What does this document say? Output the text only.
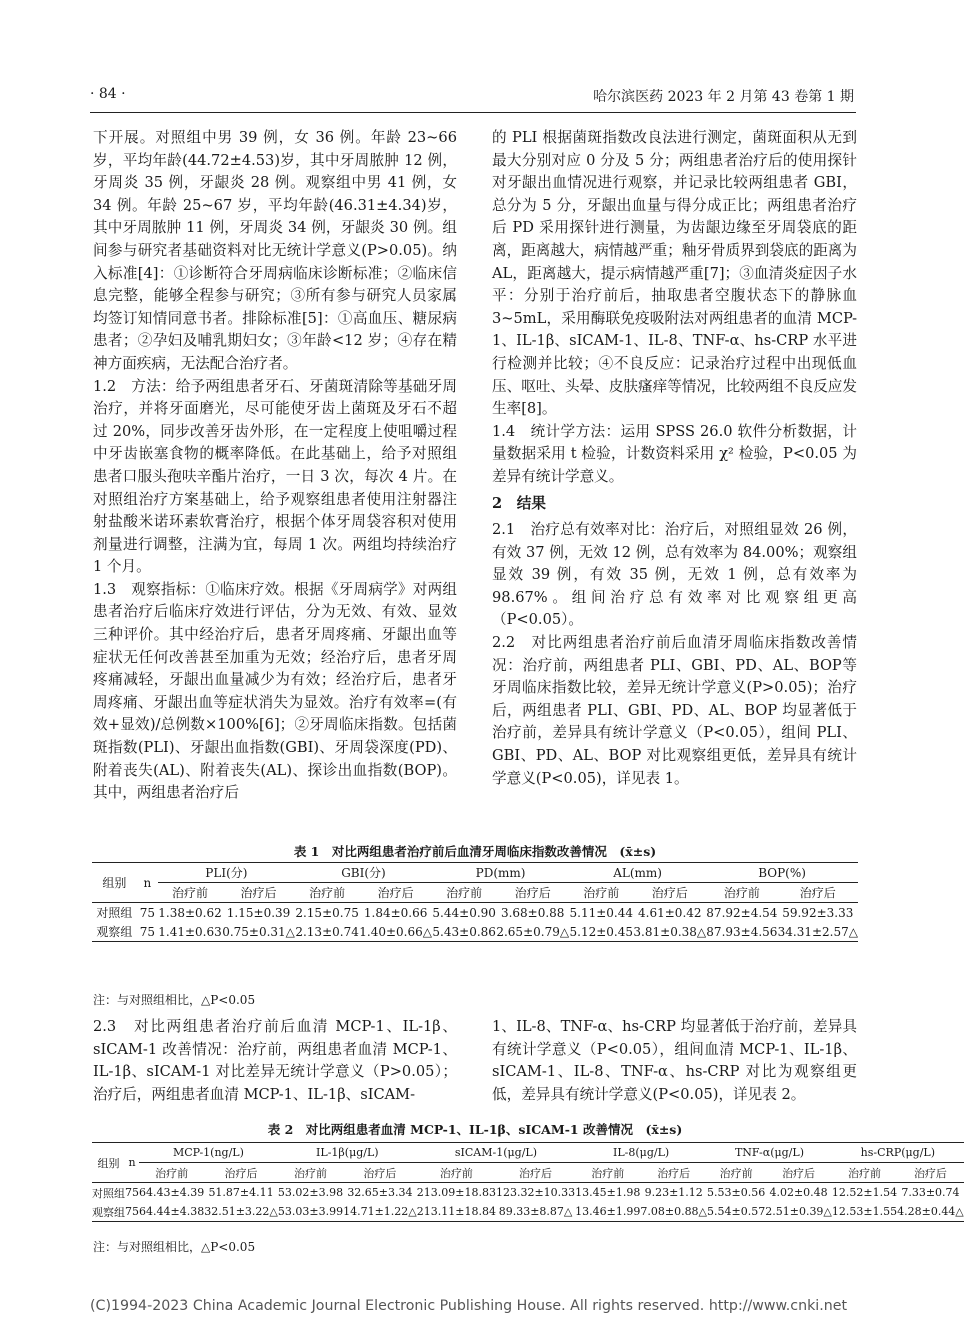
· 84 ·	哈尔滨医药 2023 年 2 月第 43 卷第 1 期

下开展。对照组中男 39 例，女 36 例。年龄 23~66 岁，平均年龄(44.72±4.53)岁，其中牙周脓肿 12 例，牙周炎 35 例，牙龈炎 28 例。观察组中男 41 例，女 34 例。年龄 25~67 岁，平均年龄(46.31±4.34)岁，其中牙周脓肿 11 例，牙周炎 34 例，牙龈炎 30 例。组间参与研究者基础资料对比无统计学意义(P>0.05)。纳入标准[4]：①诊断符合牙周病临床诊断标准；②临床信息完整，能够全程参与研究；③所有参与研究人员家属均签订知情同意书者。排除标准[5]：①高血压、糖尿病患者；②孕妇及哺乳期妇女；③年龄<12 岁；④存在精神方面疾病，无法配合治疗者。

1.2　方法：给予两组患者牙石、牙菌斑清除等基础牙周治疗，并将牙面磨光，尽可能使牙齿上菌斑及牙石不超过 20%，同步改善牙齿外形，在一定程度上使咀嚼过程中牙齿嵌塞食物的概率降低。在此基础上，给予对照组患者口服头孢呋辛酯片治疗，一日 3 次，每次 4 片。在对照组治疗方案基础上，给予观察组患者使用注射器注射盐酸米诺环素软膏治疗，根据个体牙周袋容积对使用剂量进行调整，注满为宜，每周 1 次。两组均持续治疗 1 个月。

1.3　观察指标：①临床疗效。根据《牙周病学》对两组患者治疗后临床疗效进行评估，分为无效、有效、显效三种评价。其中经治疗后，患者牙周疼痛、牙龈出血等症状无任何改善甚至加重为无效；经治疗后，患者牙周疼痛减轻，牙龈出血量减少为有效；经治疗后，患者牙周疼痛、牙龈出血等症状消失为显效。治疗有效率=(有效+显效)/总例数×100%[6]；②牙周临床指数。包括菌斑指数(PLI)、牙龈出血指数(GBI)、牙周袋深度(PD)、附着丧失(AL)、附着丧失(AL)、探诊出血指数(BOP)。其中，两组患者治疗后

的 PLI 根据菌斑指数改良法进行测定，菌斑面积从无到最大分别对应 0 分及 5 分；两组患者治疗后的使用探针对牙龈出血情况进行观察，并记录比较两组患者 GBI，总分为 5 分，牙龈出血量与得分成正比；两组患者治疗后 PD 采用探针进行测量，为齿龈边缘至牙周袋底的距离，距离越大，病情越严重；釉牙骨质界到袋底的距离为 AL，距离越大，提示病情越严重[7]；③血清炎症因子水平：分别于治疗前后，抽取患者空腹状态下的静脉血 3~5mL，采用酶联免疫吸附法对两组患者的血清 MCP-1、IL-1β、sICAM-1、IL-8、TNF-α、hs-CRP 水平进行检测并比较；④不良反应：记录治疗过程中出现低血压、呕吐、头晕、皮肤瘙痒等情况，比较两组不良反应发生率[8]。

1.4　统计学方法：运用 SPSS 26.0 软件分析数据，计量数据采用 t 检验，计数资料采用 χ² 检验，P<0.05 为差异有统计学意义。

2　结果

2.1　治疗总有效率对比：治疗后，对照组显效 26 例，有效 37 例，无效 12 例，总有效率为 84.00%；观察组显效 39 例，有效 35 例，无效 1 例，总有效率为 98.67%。组间治疗总有效率对比观察组更高（P<0.05）。

2.2　对比两组患者治疗前后血清牙周临床指数改善情况：治疗前，两组患者 PLI、GBI、PD、AL、BOP等牙周临床指数比较，差异无统计学意义(P>0.05)；治疗后，两组患者 PLI、GBI、PD、AL、BOP 均显著低于治疗前，差异具有统计学意义（P<0.05），组间 PLI、GBI、PD、AL、BOP 对比观察组更低，差异具有统计学意义(P<0.05)，详见表 1。

表 1　对比两组患者治疗前后血清牙周临床指数改善情况　(x̄±s)
组别	n	PLI(分)		GBI(分)		PD(mm)		AL(mm)		BOP(%)	
		治疗前	治疗后	治疗前	治疗后	治疗前	治疗后	治疗前	治疗后	治疗前	治疗后
对照组	75	1.38±0.62	1.15±0.39	2.15±0.75	1.84±0.66	5.44±0.90	3.68±0.88	5.11±0.44	4.61±0.42	87.92±4.54	59.92±3.33
观察组	75	1.41±0.63	0.75±0.31△	2.13±0.74	1.40±0.66△	5.43±0.86	2.65±0.79△	5.12±0.45	3.81±0.38△	87.93±4.56	34.31±2.57△
注：与对照组相比，△P<0.05

2.3　对比两组患者治疗前后血清 MCP-1、IL-1β、sICAM-1 改善情况：治疗前，两组患者血清 MCP-1、IL-1β、sICAM-1 对比差异无统计学意义（P>0.05）；治疗后，两组患者血清 MCP-1、IL-1β、sICAM-

1、IL-8、TNF-α、hs-CRP 均显著低于治疗前，差异具有统计学意义（P<0.05），组间血清 MCP-1、IL-1β、sICAM-1、IL-8、TNF-α、hs-CRP 对比为观察组更低，差异具有统计学意义(P<0.05)，详见表 2。

表 2　对比两组患者血清 MCP-1、IL-1β、sICAM-1 改善情况　(x̄±s)
组别	n	MCP-1(ng/L)		IL-1β(μg/L)		sICAM-1(μg/L)		IL-8(μg/L)		TNF-α(μg/L)		hs-CRP(μg/L)	
		治疗前	治疗后	治疗前	治疗后	治疗前	治疗后	治疗前	治疗后	治疗前	治疗后	治疗前	治疗后
对照组	75	64.43±4.39	51.87±4.11	53.02±3.98	32.65±3.34	213.09±18.83	123.32±10.33	13.45±1.98	9.23±1.12	5.53±0.56	4.02±0.48	12.52±1.54	7.33±0.74
观察组	75	64.44±4.38	32.51±3.22△	53.03±3.99	14.71±1.22△	213.11±18.84	89.33±8.87△	13.46±1.99	7.08±0.88△	5.54±0.57	2.51±0.39△	12.53±1.55	4.28±0.44△
注：与对照组相比，△P<0.05
(C)1994-2023 China Academic Journal Electronic Publishing House. All rights reserved. http://www.cnki.net
